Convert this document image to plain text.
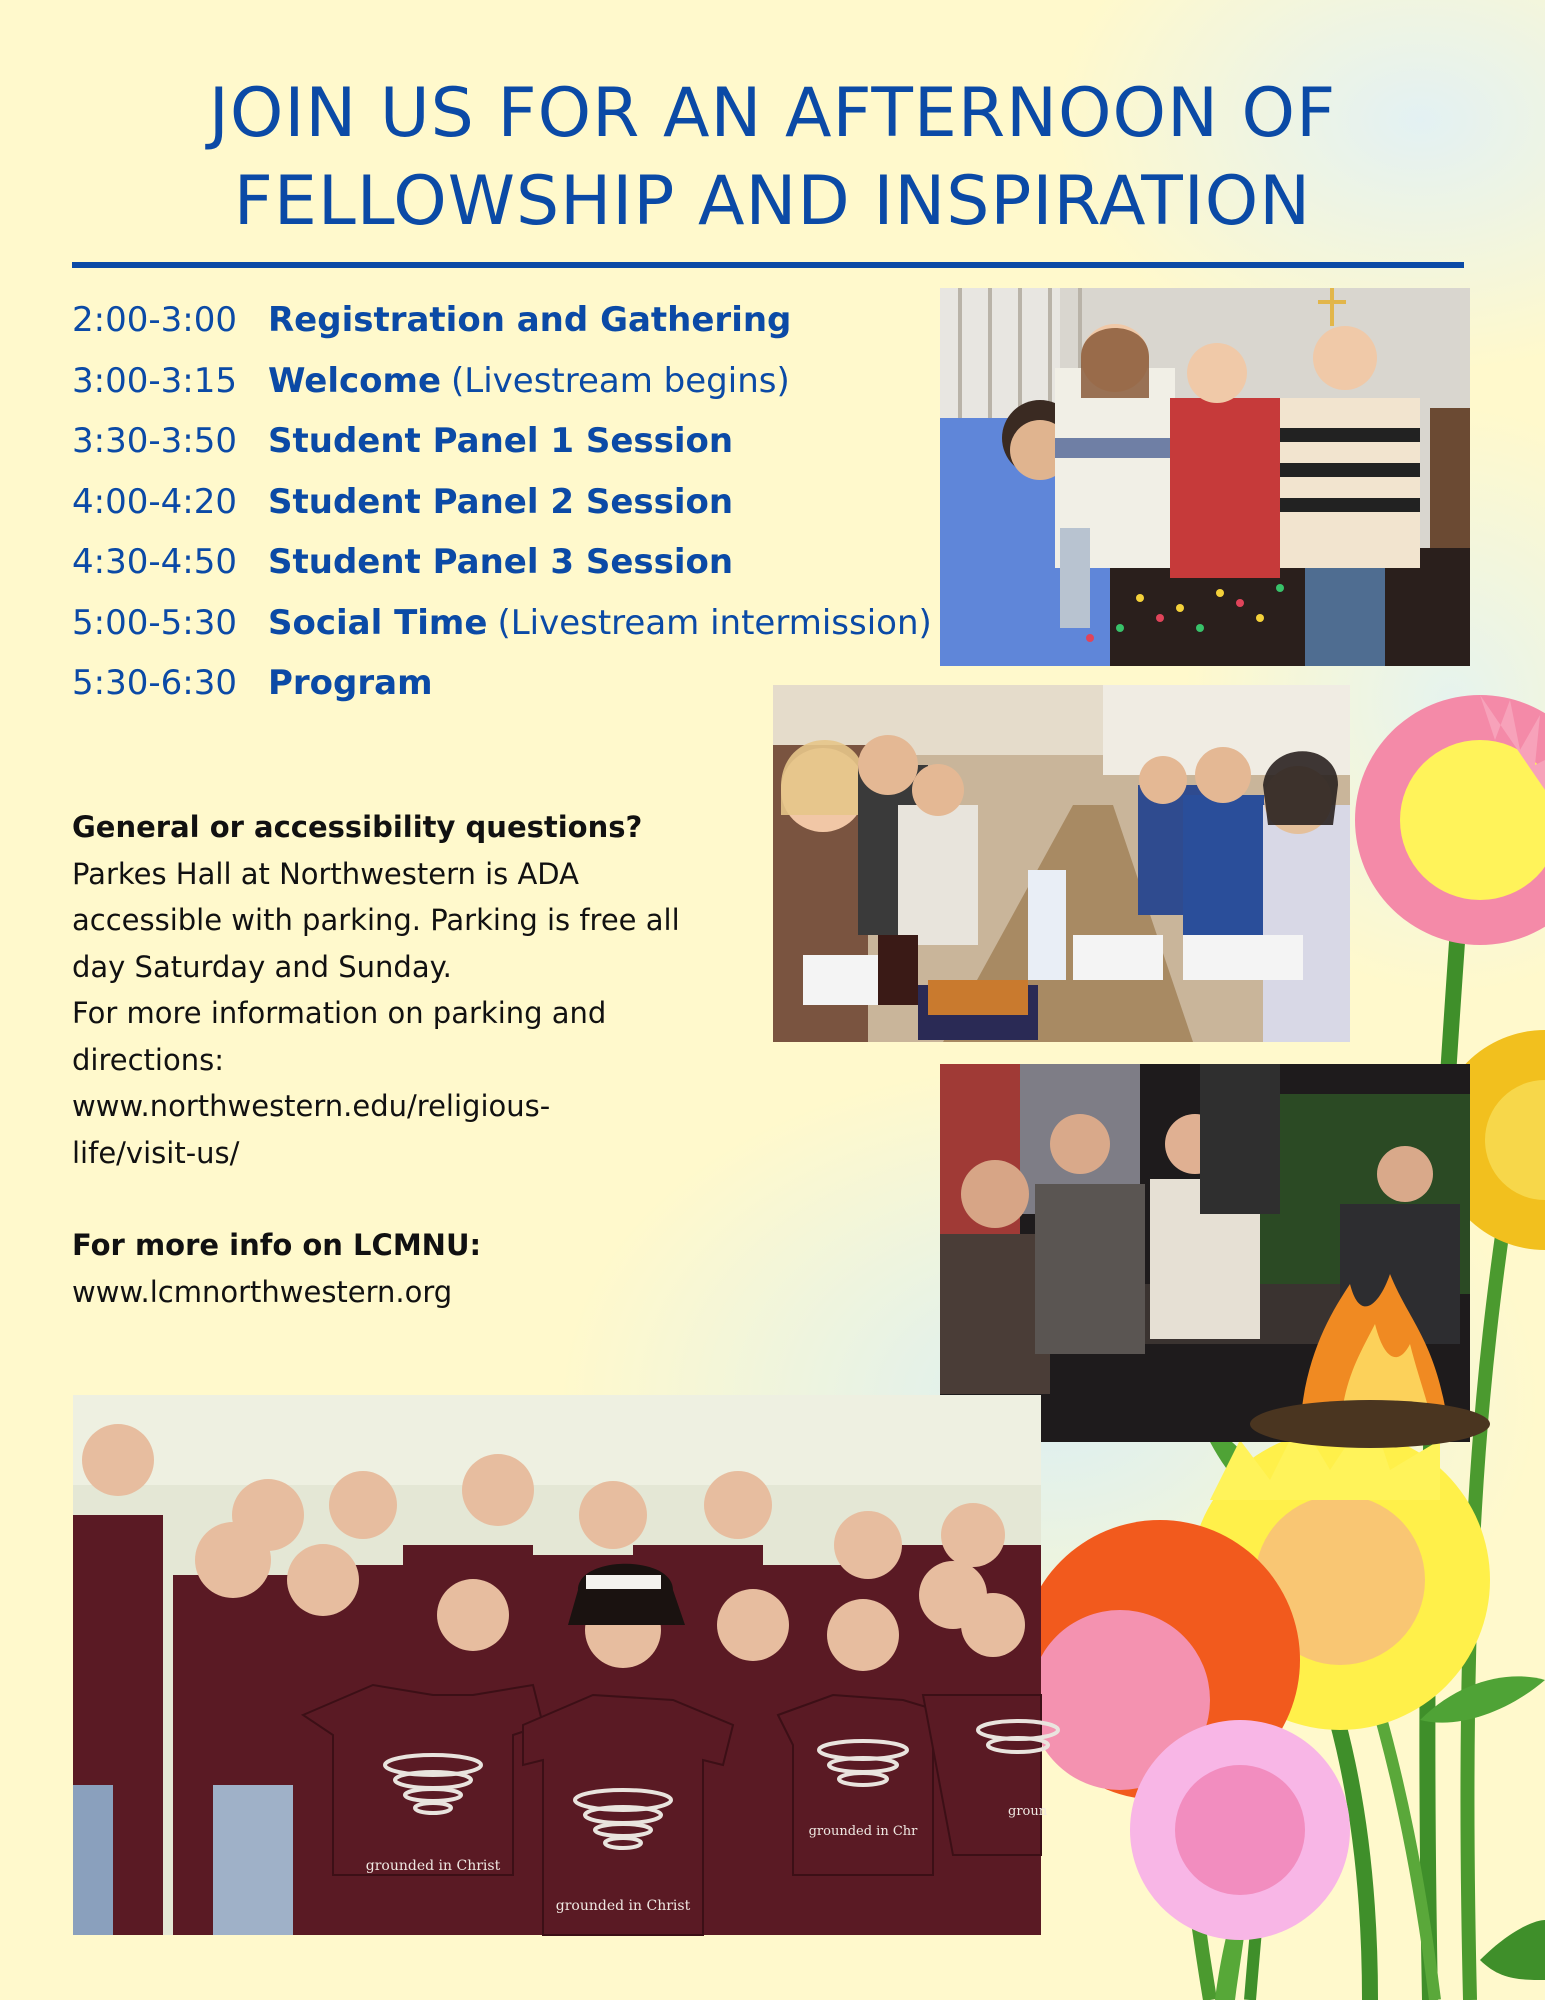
JOIN US FOR AN AFTERNOON OF
FELLOWSHIP AND INSPIRATION
2:00-3:00 Registration and Gathering
3:00-3:15 Welcome (Livestream begins)
3:30-3:50 Student Panel 1 Session
4:00-4:20 Student Panel 2 Session
4:30-4:50 Student Panel 3 Session
5:00-5:30 Social Time (Livestream intermission)
5:30-6:30 Program
General or accessibility questions?
Parkes Hall at Northwestern is ADA
accessible with parking. Parking is free all
day Saturday and Sunday.
For more information on parking and
directions:
www.northwestern.edu/religious-
life/visit-us/
For more info on LCMNU:
www.lcmnorthwestern.org
grounded in Christ
grounded in Christ
grounded in Chr
groun
